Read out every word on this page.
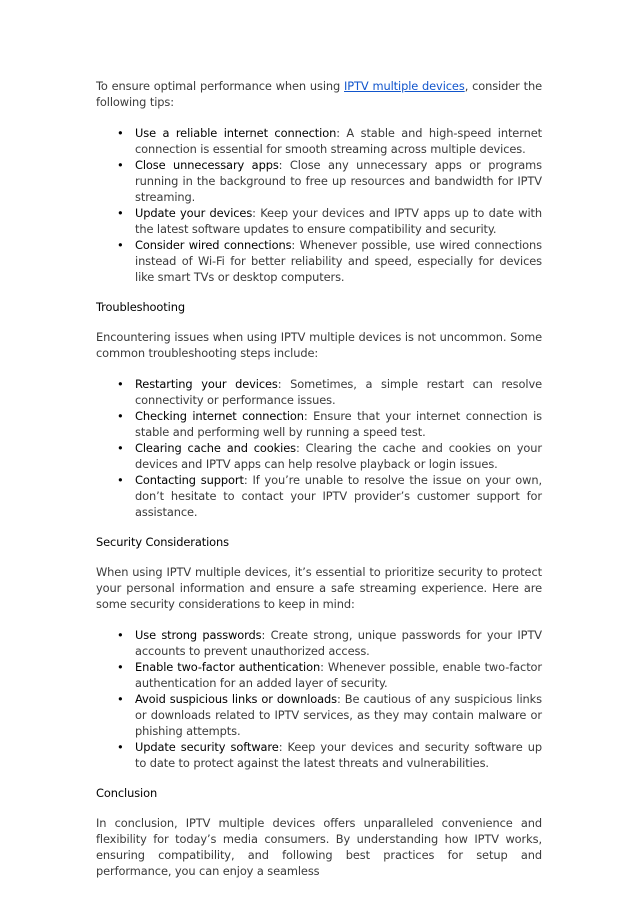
To ensure optimal performance when using IPTV multiple devices, consider the following tips:

• Use a reliable internet connection: A stable and high-speed internet connection is essential for smooth streaming across multiple devices.
• Close unnecessary apps: Close any unnecessary apps or programs running in the background to free up resources and bandwidth for IPTV streaming.
• Update your devices: Keep your devices and IPTV apps up to date with the latest software updates to ensure compatibility and security.
• Consider wired connections: Whenever possible, use wired connections instead of Wi-Fi for better reliability and speed, especially for devices like smart TVs or desktop computers.

Troubleshooting

Encountering issues when using IPTV multiple devices is not uncommon. Some common troubleshooting steps include:

• Restarting your devices: Sometimes, a simple restart can resolve connectivity or performance issues.
• Checking internet connection: Ensure that your internet connection is stable and performing well by running a speed test.
• Clearing cache and cookies: Clearing the cache and cookies on your devices and IPTV apps can help resolve playback or login issues.
• Contacting support: If you’re unable to resolve the issue on your own, don’t hesitate to contact your IPTV provider’s customer support for assistance.

Security Considerations

When using IPTV multiple devices, it’s essential to prioritize security to protect your personal information and ensure a safe streaming experience. Here are some security considerations to keep in mind:

• Use strong passwords: Create strong, unique passwords for your IPTV accounts to prevent unauthorized access.
• Enable two-factor authentication: Whenever possible, enable two-factor authentication for an added layer of security.
• Avoid suspicious links or downloads: Be cautious of any suspicious links or downloads related to IPTV services, as they may contain malware or phishing attempts.
• Update security software: Keep your devices and security software up to date to protect against the latest threats and vulnerabilities.

Conclusion

In conclusion, IPTV multiple devices offers unparalleled convenience and flexibility for today’s media consumers. By understanding how IPTV works, ensuring compatibility, and following best practices for setup and performance, you can enjoy a seamless
